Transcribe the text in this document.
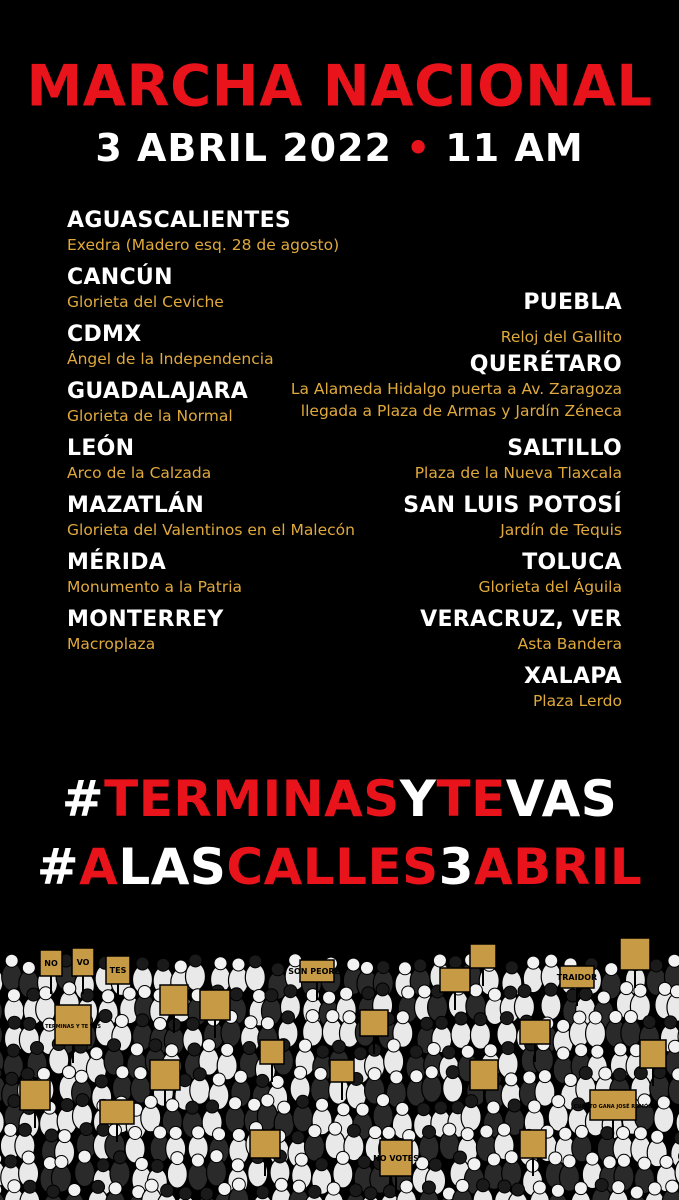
MARCHA NACIONAL
3 ABRIL 2022 • 11 AM
AGUASCALIENTES
Exedra (Madero esq. 28 de agosto)
CANCÚN
Glorieta del Ceviche
CDMX
Ángel de la Independencia
GUADALAJARA
Glorieta de la Normal
LEÓN
Arco de la Calzada
MAZATLÁN
Glorieta del Valentinos en el Malecón
MÉRIDA
Monumento a la Patria
MONTERREY
Macroplaza
PUEBLA
Reloj del Gallito
QUERÉTARO
La Alameda Hidalgo puerta a Av. Zaragoza
llegada a Plaza de Armas y Jardín Zéneca
SALTILLO
Plaza de la Nueva Tlaxcala
SAN LUIS POTOSÍ
Jardín de Tequis
TOLUCA
Glorieta del Águila
VERACRUZ, VER
Asta Bandera
XALAPA
Plaza Lerdo
#TERMINASYTEVAS
#ALASCALLES3ABRIL
NO VO
TES	SON PEORES
TERMINAS Y TE VAS
TRAIDOR
¿CUÁNTO GANA JOSÉ RAMÓN?
NO VOTES
